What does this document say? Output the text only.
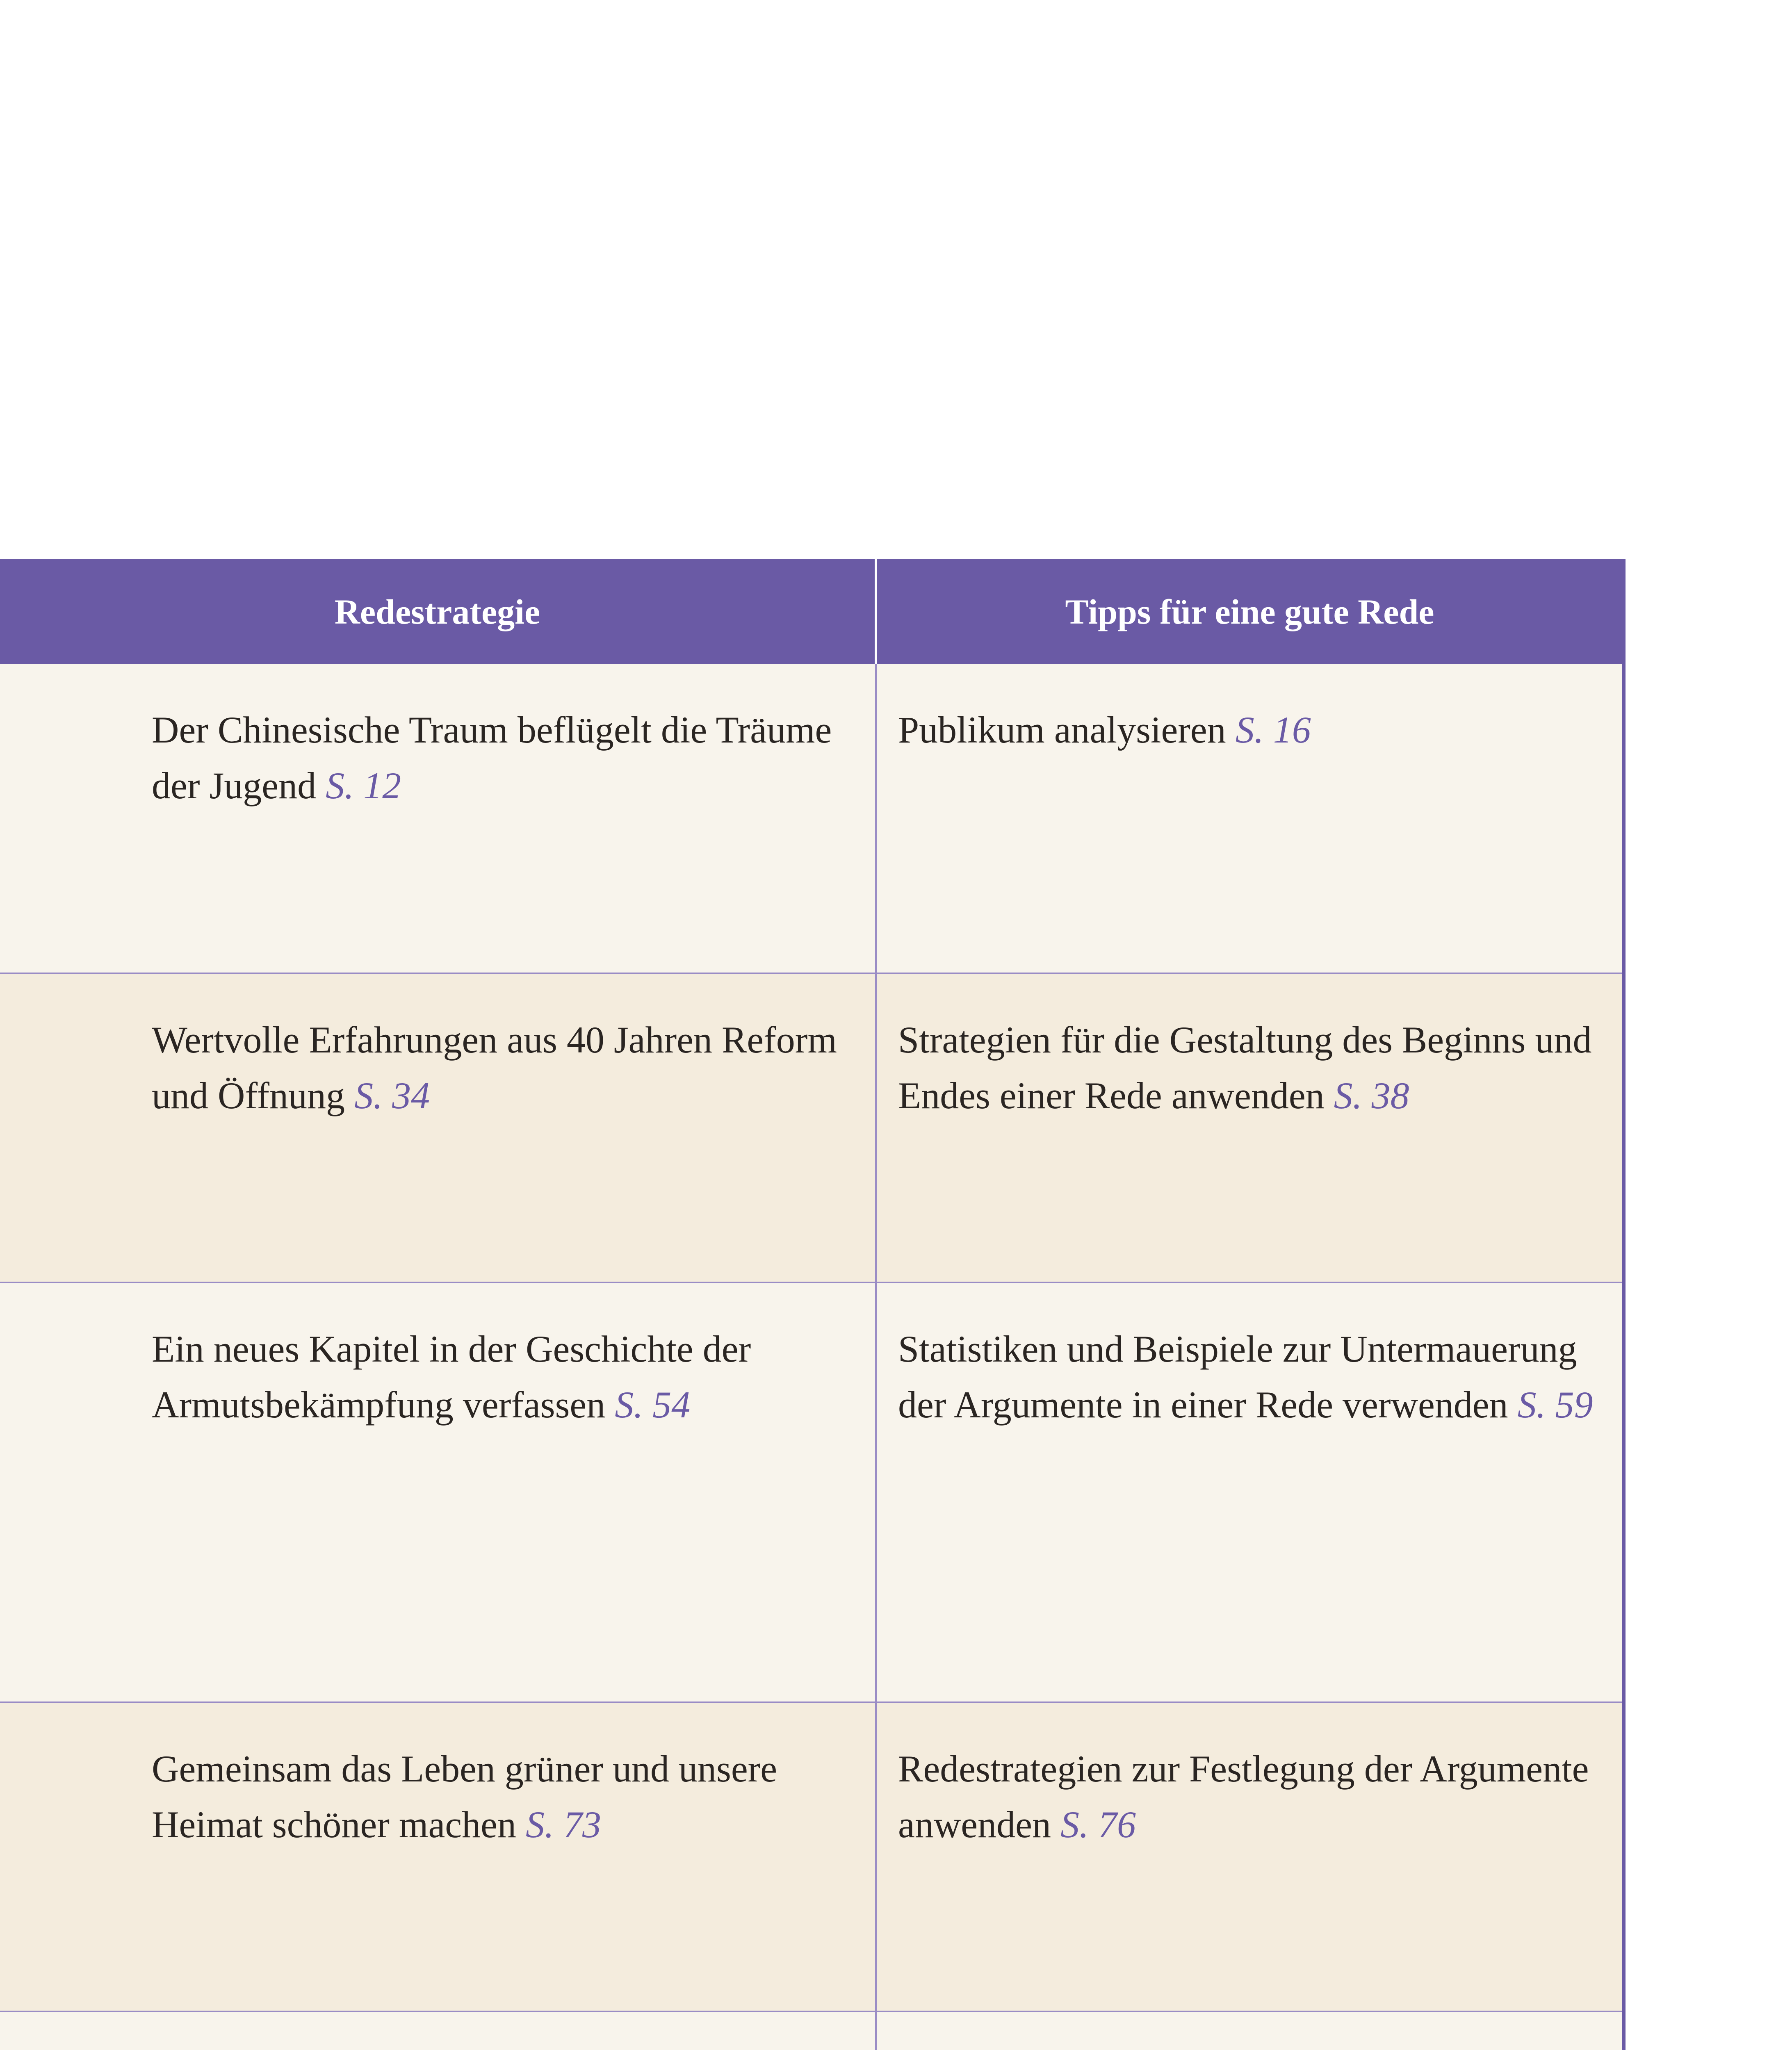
Redestrategie	Tipps für eine gute Rede
Der Chinesische Traum beflügelt die Träume der Jugend S. 12	Publikum analysieren S. 16
Wertvolle Erfahrungen aus 40 Jahren Reform und Öffnung S. 34	Strategien für die Gestaltung des Beginns und Endes einer Rede anwenden S. 38
Ein neues Kapitel in der Geschichte der Armutsbekämpfung verfassen S. 54	Statistiken und Beispiele zur Untermauerung der Argumente in einer Rede verwenden S. 59
Gemeinsam das Leben grüner und unsere Heimat schöner machen S. 73	Redestrategien zur Festlegung der Argumente anwenden S. 76
